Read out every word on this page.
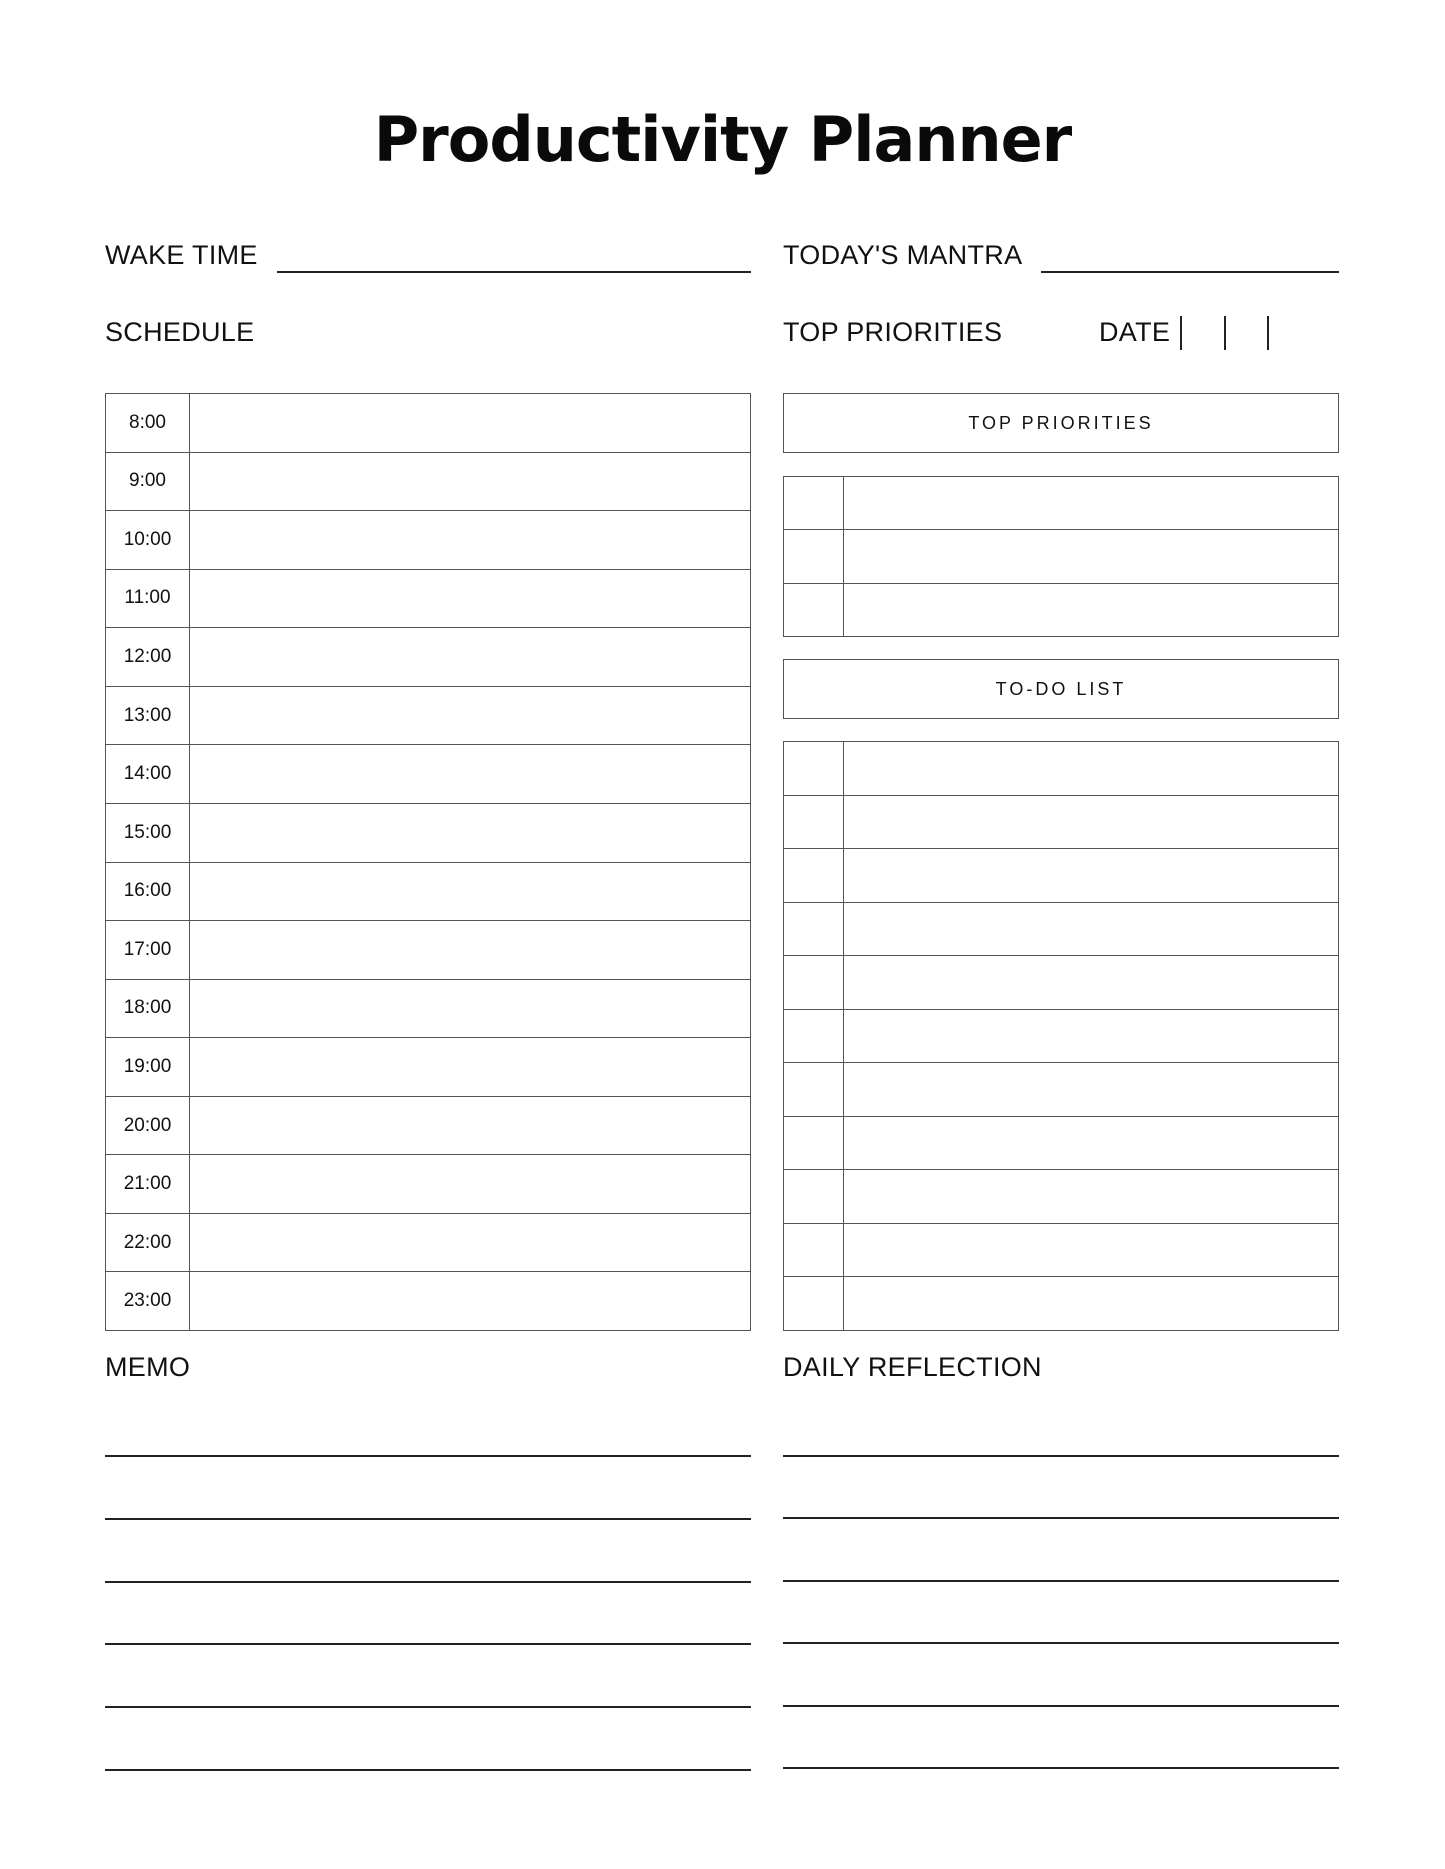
Productivity Planner
WAKE TIME	TODAY'S MANTRA
SCHEDULE	TOP PRIORITIES	DATE
8:00
9:00
10:00
11:00
12:00
13:00
14:00
15:00
16:00
17:00
18:00
19:00
20:00
21:00
22:00
23:00
TOP PRIORITIES
TO-DO LIST
MEMO	DAILY REFLECTION
